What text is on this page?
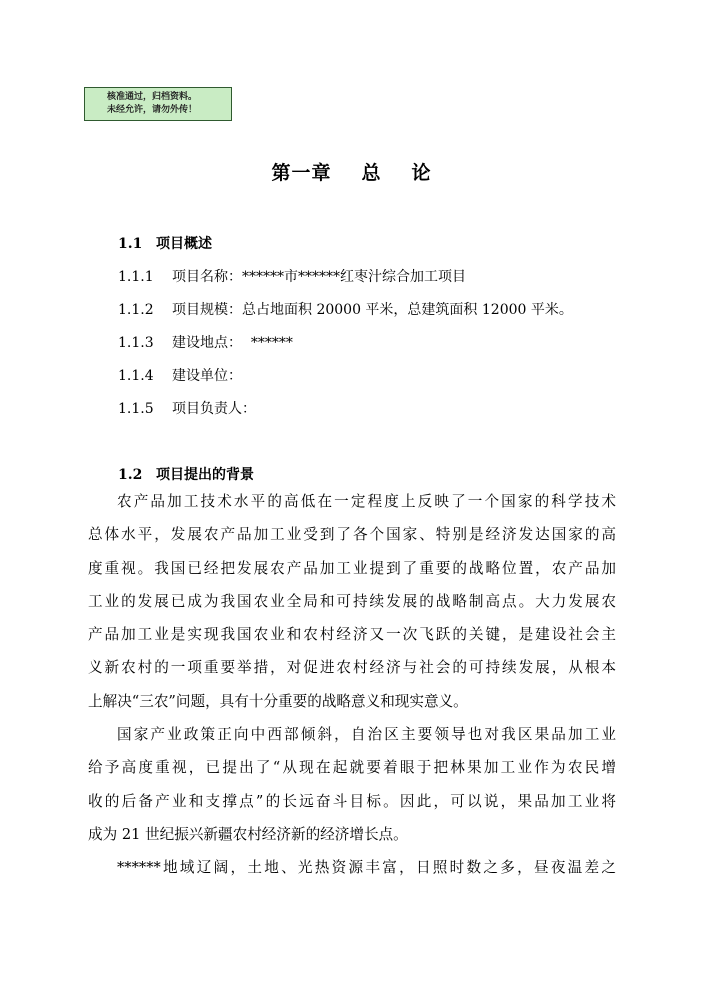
核准通过，归档资料。
未经允许，请勿外传！
第一章 总 论
1.1 项目概述
1.1.1 项目名称：******市******红枣汁综合加工项目
1.1.2 项目规模：总占地面积 20000 平米，总建筑面积 12000 平米。
1.1.3 建设地点：  ******
1.1.4 建设单位：
1.1.5 项目负责人：
1.2 项目提出的背景
农产品加工技术水平的高低在一定程度上反映了一个国家的科学技术
总体水平，发展农产品加工业受到了各个国家、特别是经济发达国家的高
度重视。我国已经把发展农产品加工业提到了重要的战略位置，农产品加
工业的发展已成为我国农业全局和可持续发展的战略制高点。大力发展农
产品加工业是实现我国农业和农村经济又一次飞跃的关键，是建设社会主
义新农村的一项重要举措，对促进农村经济与社会的可持续发展，从根本
上解决“三农”问题，具有十分重要的战略意义和现实意义。
国家产业政策正向中西部倾斜，自治区主要领导也对我区果品加工业
给予高度重视，已提出了“从现在起就要着眼于把林果加工业作为农民增
收的后备产业和支撑点”的长远奋斗目标。因此，可以说，果品加工业将
成为 21 世纪振兴新疆农村经济新的经济增长点。
******地域辽阔，土地、光热资源丰富，日照时数之多，昼夜温差之
